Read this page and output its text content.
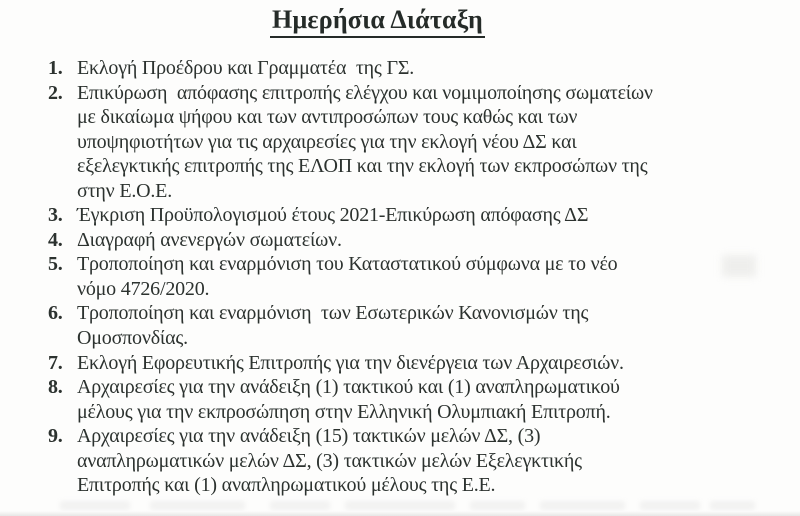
Ημερήσια Διάταξη
1. Εκλογή Προέδρου και Γραμματέα  της ΓΣ.
2. Επικύρωση  απόφασης επιτροπής ελέγχου και νομιμοποίησης σωματείων
με δικαίωμα ψήφου και των αντιπροσώπων τους καθώς και των
υποψηφιοτήτων για τις αρχαιρεσίες για την εκλογή νέου ΔΣ και
εξελεγκτικής επιτροπής της ΕΛΟΠ και την εκλογή των εκπροσώπων της
στην Ε.Ο.Ε.
3. Έγκριση Προϋπολογισμού έτους 2021-Επικύρωση απόφασης ΔΣ
4. Διαγραφή ανενεργών σωματείων.
5. Τροποποίηση και εναρμόνιση του Καταστατικού σύμφωνα με το νέο
νόμο 4726/2020.
6. Τροποποίηση και εναρμόνιση  των Εσωτερικών Κανονισμών της
Ομοσπονδίας.
7. Εκλογή Εφορευτικής Επιτροπής για την διενέργεια των Αρχαιρεσιών.
8. Αρχαιρεσίες για την ανάδειξη (1) τακτικού και (1) αναπληρωματικού
μέλους για την εκπροσώπηση στην Ελληνική Ολυμπιακή Επιτροπή.
9. Αρχαιρεσίες για την ανάδειξη (15) τακτικών μελών ΔΣ, (3)
αναπληρωματικών μελών ΔΣ, (3) τακτικών μελών Εξελεγκτικής
Επιτροπής και (1) αναπληρωματικού μέλους της Ε.Ε.
